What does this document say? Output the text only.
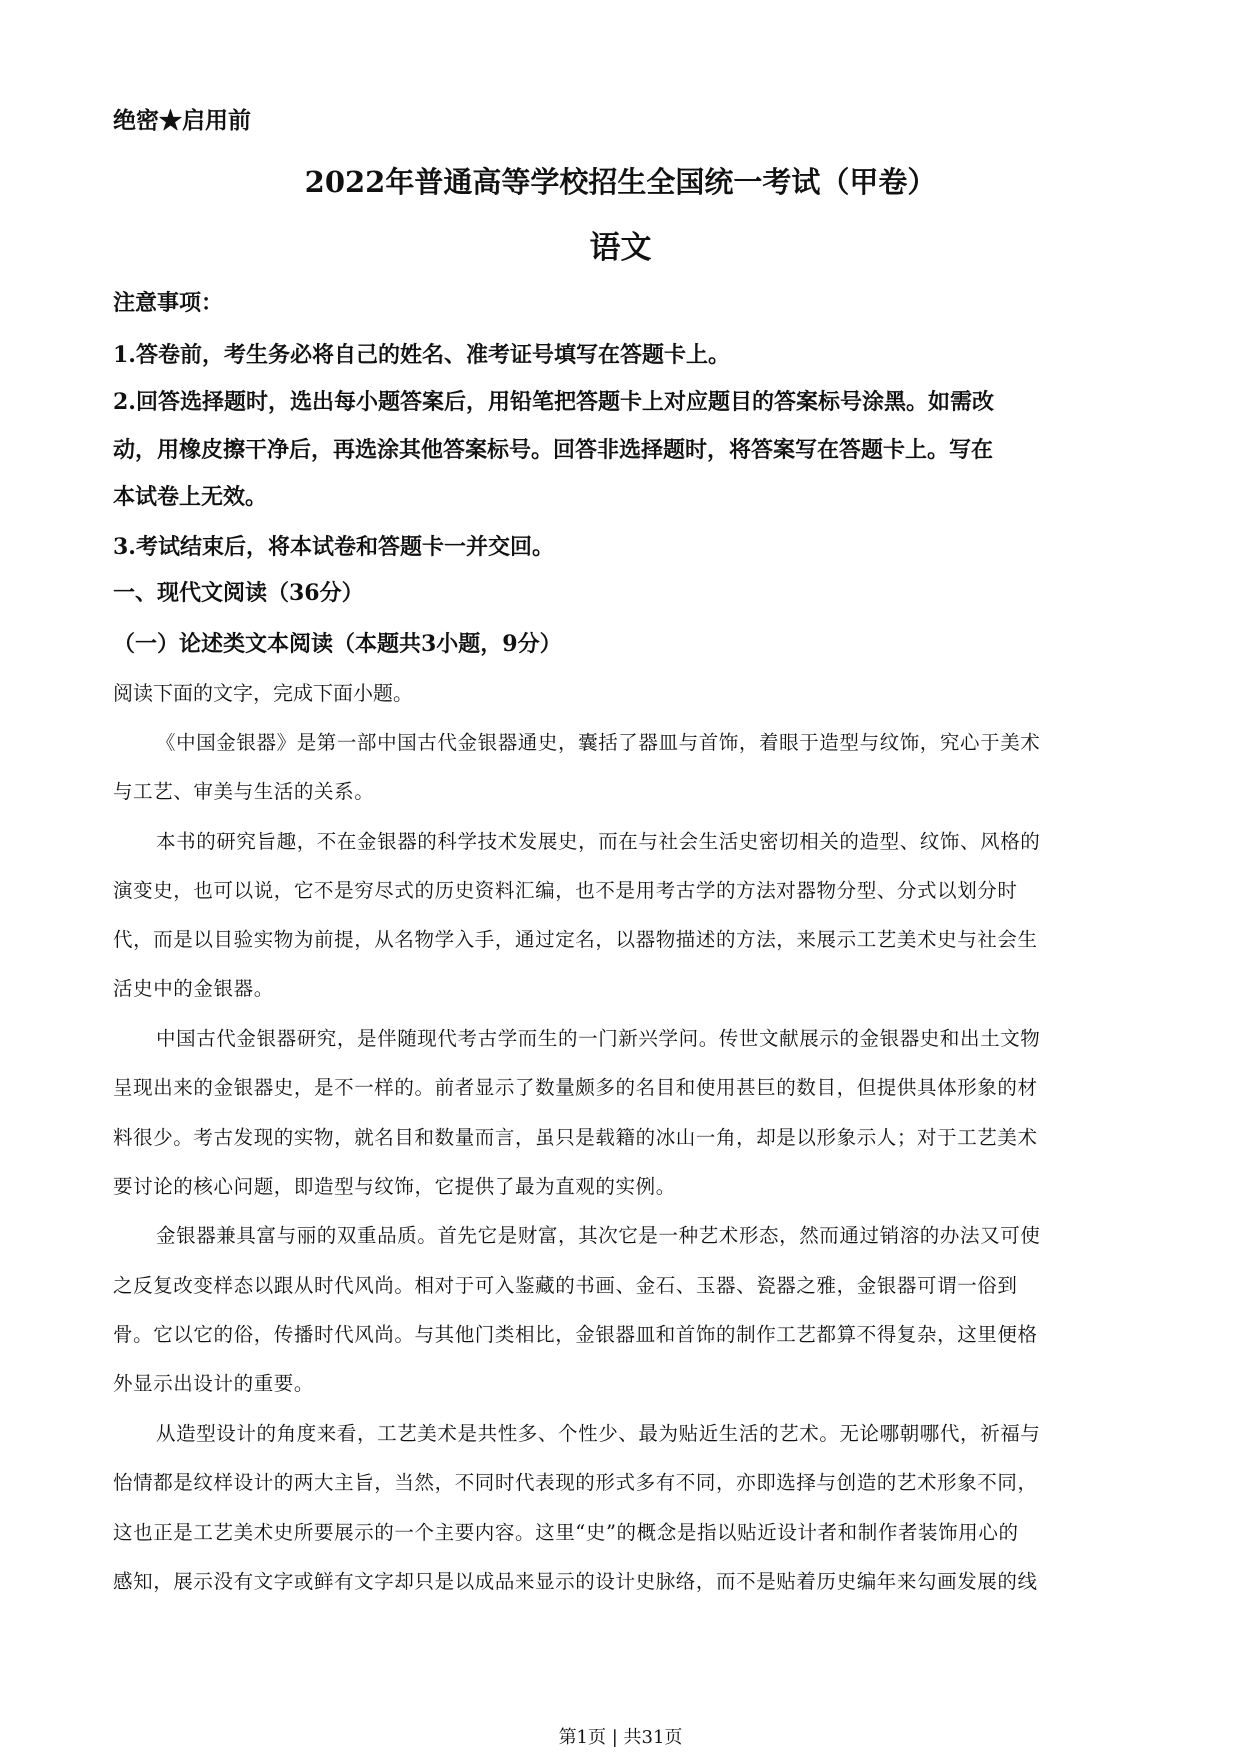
绝密★启用前
2022年普通高等学校招生全国统一考试（甲卷）
语文
注意事项：
1.答卷前，考生务必将自己的姓名、准考证号填写在答题卡上。
2.回答选择题时，选出每小题答案后，用铅笔把答题卡上对应题目的答案标号涂黑。如需改
动，用橡皮擦干净后，再选涂其他答案标号。回答非选择题时，将答案写在答题卡上。写在
本试卷上无效。
3.考试结束后，将本试卷和答题卡一并交回。
一、现代文阅读（36分）
（一）论述类文本阅读（本题共3小题，9分）
阅读下面的文字，完成下面小题。
《中国金银器》是第一部中国古代金银器通史，囊括了器皿与首饰，着眼于造型与纹饰，究心于美术
与工艺、审美与生活的关系。
本书的研究旨趣，不在金银器的科学技术发展史，而在与社会生活史密切相关的造型、纹饰、风格的
演变史，也可以说，它不是穷尽式的历史资料汇编，也不是用考古学的方法对器物分型、分式以划分时
代，而是以目验实物为前提，从名物学入手，通过定名，以器物描述的方法，来展示工艺美术史与社会生
活史中的金银器。
中国古代金银器研究，是伴随现代考古学而生的一门新兴学问。传世文献展示的金银器史和出土文物
呈现出来的金银器史，是不一样的。前者显示了数量颇多的名目和使用甚巨的数目，但提供具体形象的材
料很少。考古发现的实物，就名目和数量而言，虽只是载籍的冰山一角，却是以形象示人；对于工艺美术
要讨论的核心问题，即造型与纹饰，它提供了最为直观的实例。
金银器兼具富与丽的双重品质。首先它是财富，其次它是一种艺术形态，然而通过销溶的办法又可使
之反复改变样态以跟从时代风尚。相对于可入鉴藏的书画、金石、玉器、瓷器之雅，金银器可谓一俗到
骨。它以它的俗，传播时代风尚。与其他门类相比，金银器皿和首饰的制作工艺都算不得复杂，这里便格
外显示出设计的重要。
从造型设计的角度来看，工艺美术是共性多、个性少、最为贴近生活的艺术。无论哪朝哪代，祈福与
怡情都是纹样设计的两大主旨，当然，不同时代表现的形式多有不同，亦即选择与创造的艺术形象不同，
这也正是工艺美术史所要展示的一个主要内容。这里“史”的概念是指以贴近设计者和制作者装饰用心的
感知，展示没有文字或鲜有文字却只是以成品来显示的设计史脉络，而不是贴着历史编年来勾画发展的线
第1页 | 共31页
